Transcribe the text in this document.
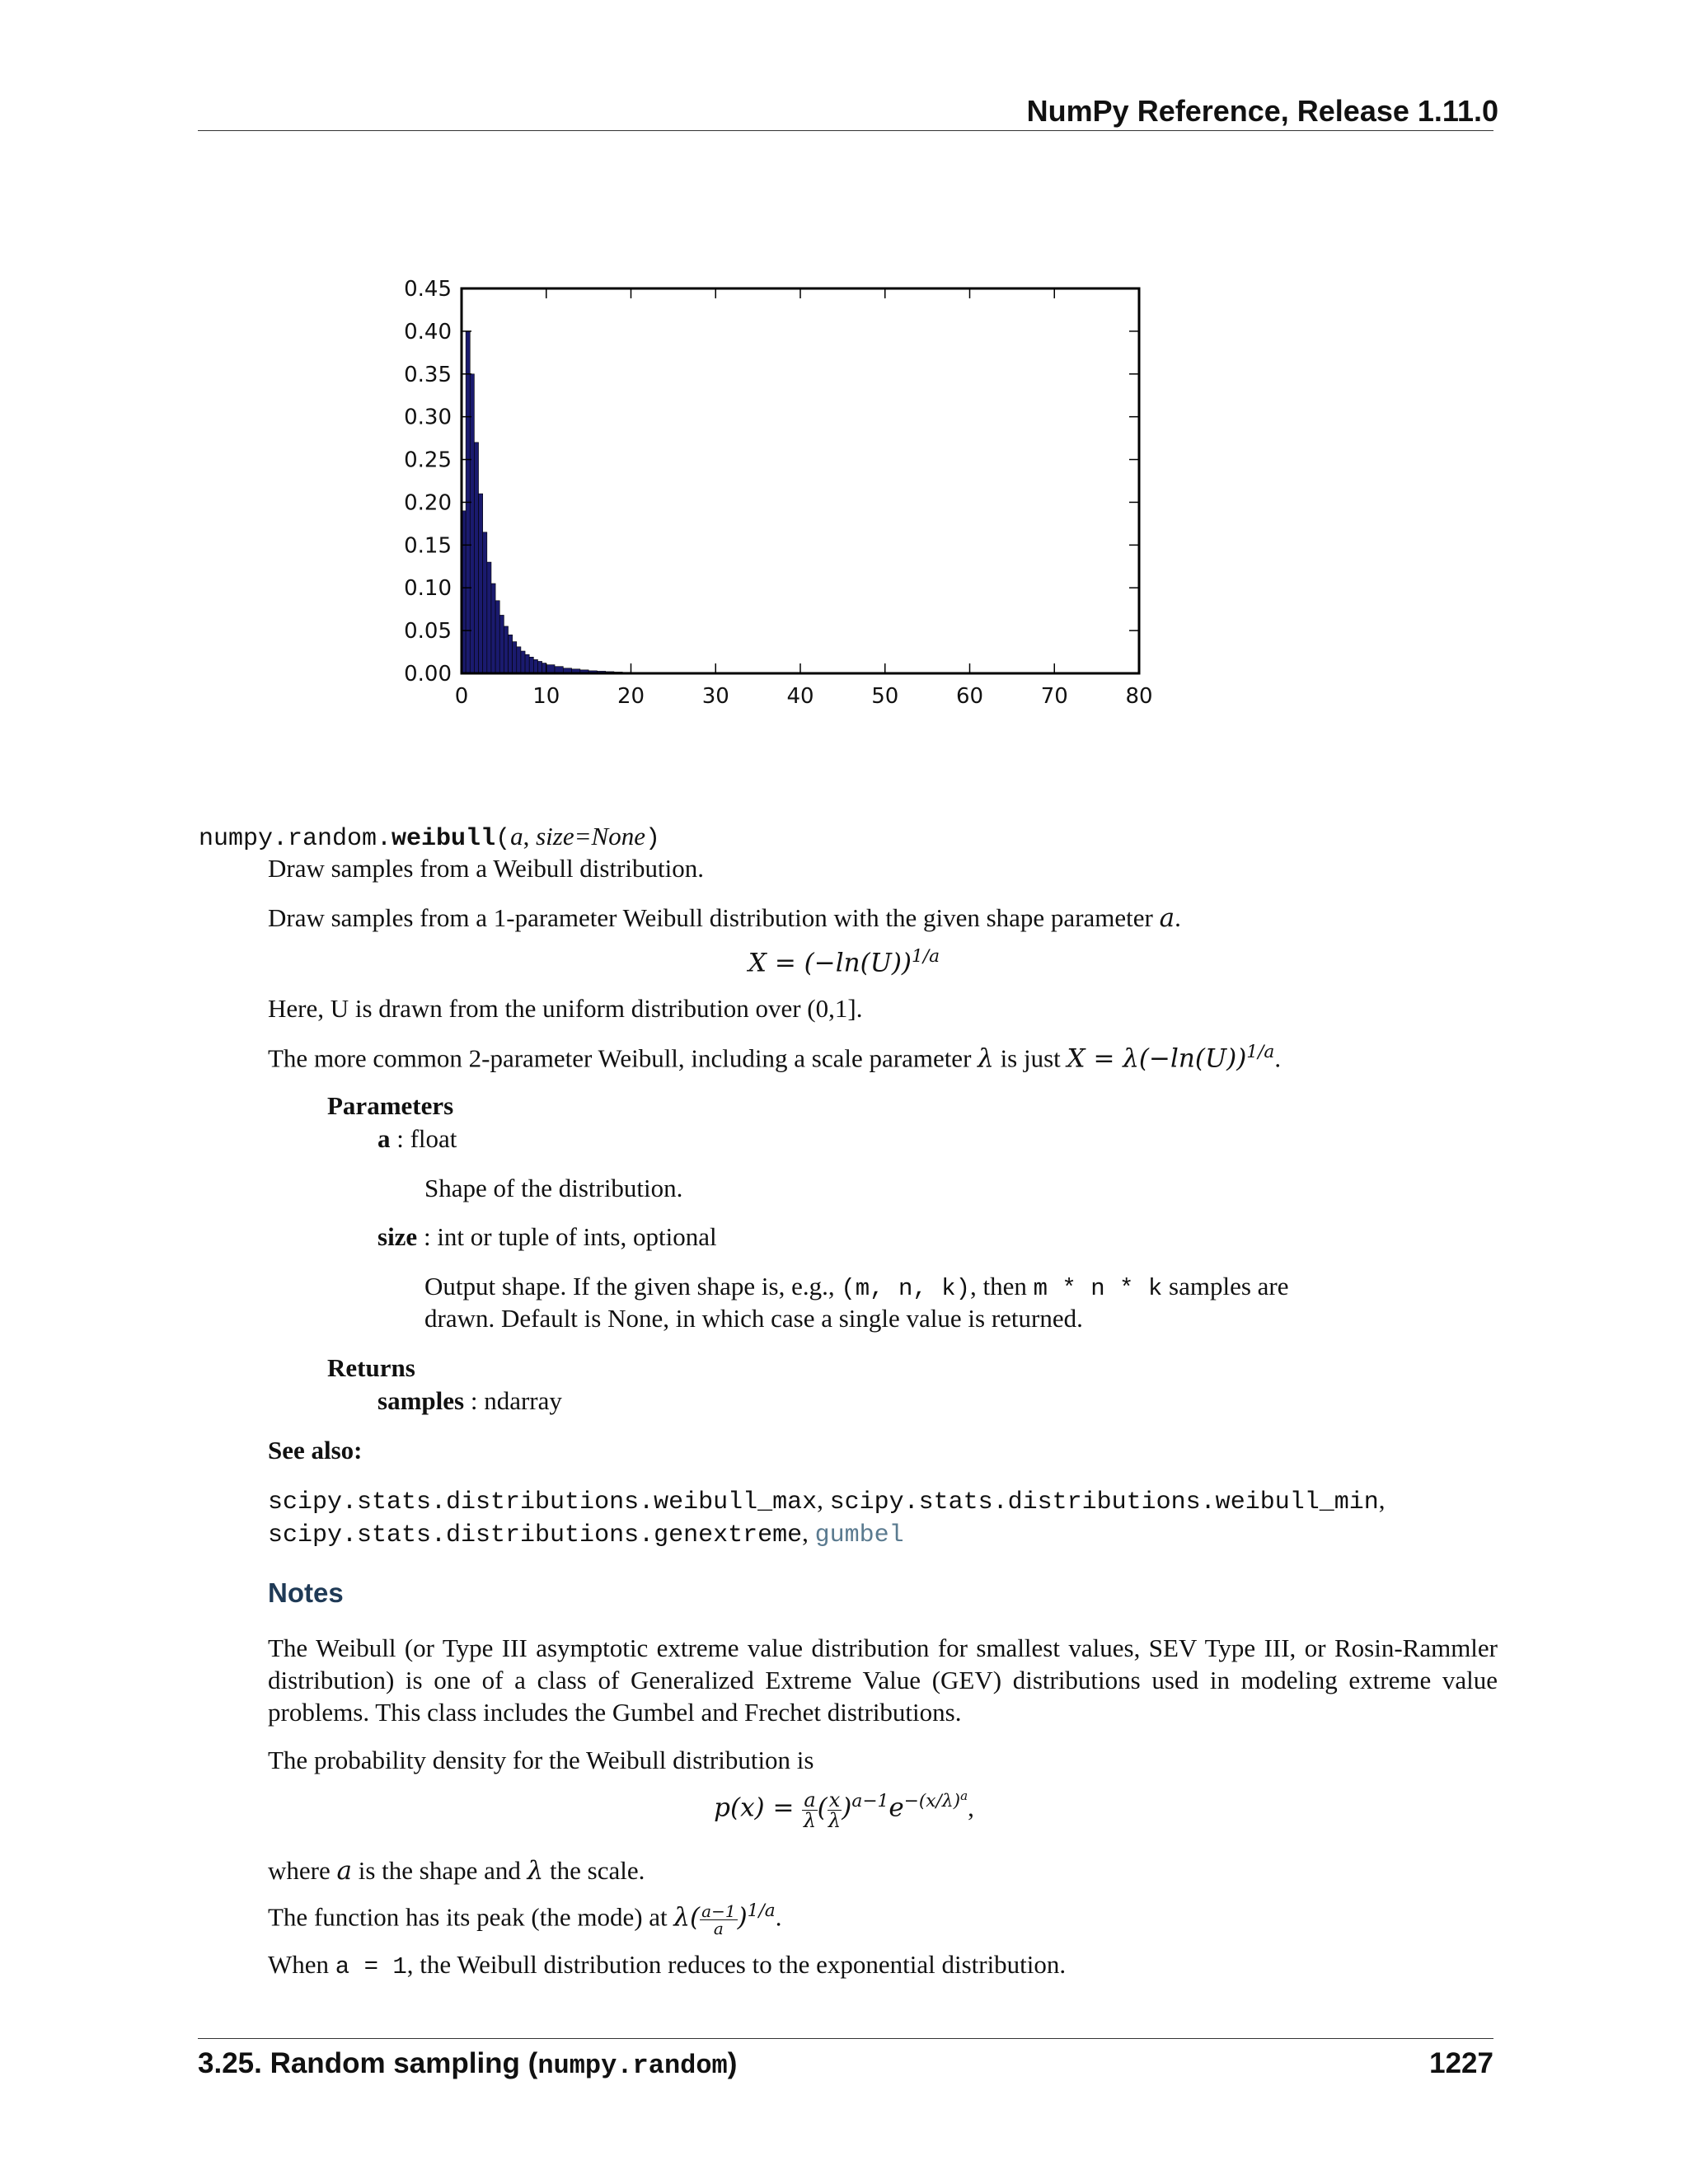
NumPy Reference, Release 1.11.0
0	10	20	30	40	50	60	70	80
0.00
0.05
0.10
0.15
0.20
0.25
0.30
0.35
0.40
0.45
numpy.random.weibull(a, size=None)
Draw samples from a Weibull distribution.
Draw samples from a 1-parameter Weibull distribution with the given shape parameter a.
$X = (-\ln(U))^{1/a}$
Here, U is drawn from the uniform distribution over (0,1].
The more common 2-parameter Weibull, including a scale parameter λ is just $X = \lambda(-\ln(U))^{1/a}$.
Parameters
a : float
Shape of the distribution.
size : int or tuple of ints, optional
Output shape. If the given shape is, e.g., (m, n, k), then m * n * k samples are
drawn. Default is None, in which case a single value is returned.
Returns
samples : ndarray
See also:
scipy.stats.distributions.weibull_max, scipy.stats.distributions.weibull_min,
scipy.stats.distributions.genextreme, gumbel
Notes
The Weibull (or Type III asymptotic extreme value distribution for smallest values, SEV Type III, or Rosin-Rammler distribution) is one of a class of Generalized Extreme Value (GEV) distributions used in modeling extreme value problems. This class includes the Gumbel and Frechet distributions.
The probability density for the Weibull distribution is
$p(x) = \frac{a}{\lambda}$ ( $\frac{x}{\lambda} )^{a-1}e^{-(x/\lambda)^a}$,
where a is the shape and λ the scale.
The function has its peak (the mode) at $\lambda( \frac{a-1}{a} )^{1/a}$.
When a = 1, the Weibull distribution reduces to the exponential distribution.
3.25. Random sampling (numpy.random)	1227
